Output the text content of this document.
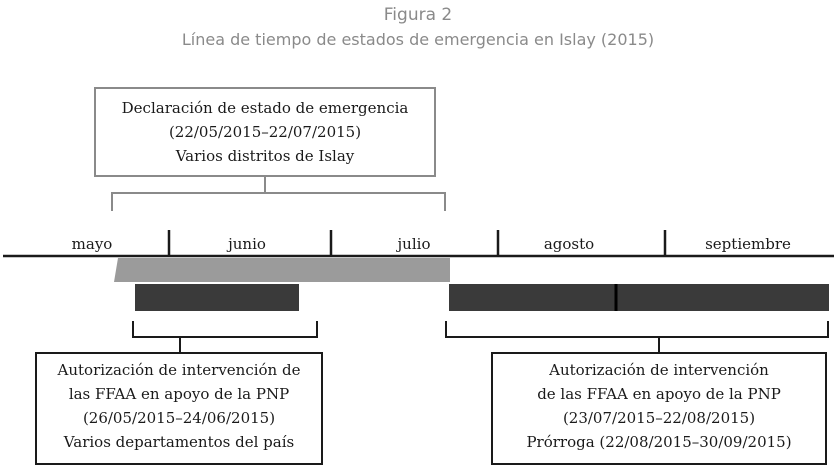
Figura 2
Línea de tiempo de estados de emergencia en Islay (2015)
Declaración de estado de emergencia
(22/05/2015–22/07/2015)
Varios distritos de Islay
mayo	junio	julio	agosto	septiembre
Autorización de intervención de
las FFAA en apoyo de la PNP
(26/05/2015–24/06/2015)
Varios departamentos del país
Autorización de intervención
de las FFAA en apoyo de la PNP
(23/07/2015–22/08/2015)
Prórroga (22/08/2015–30/09/2015)
